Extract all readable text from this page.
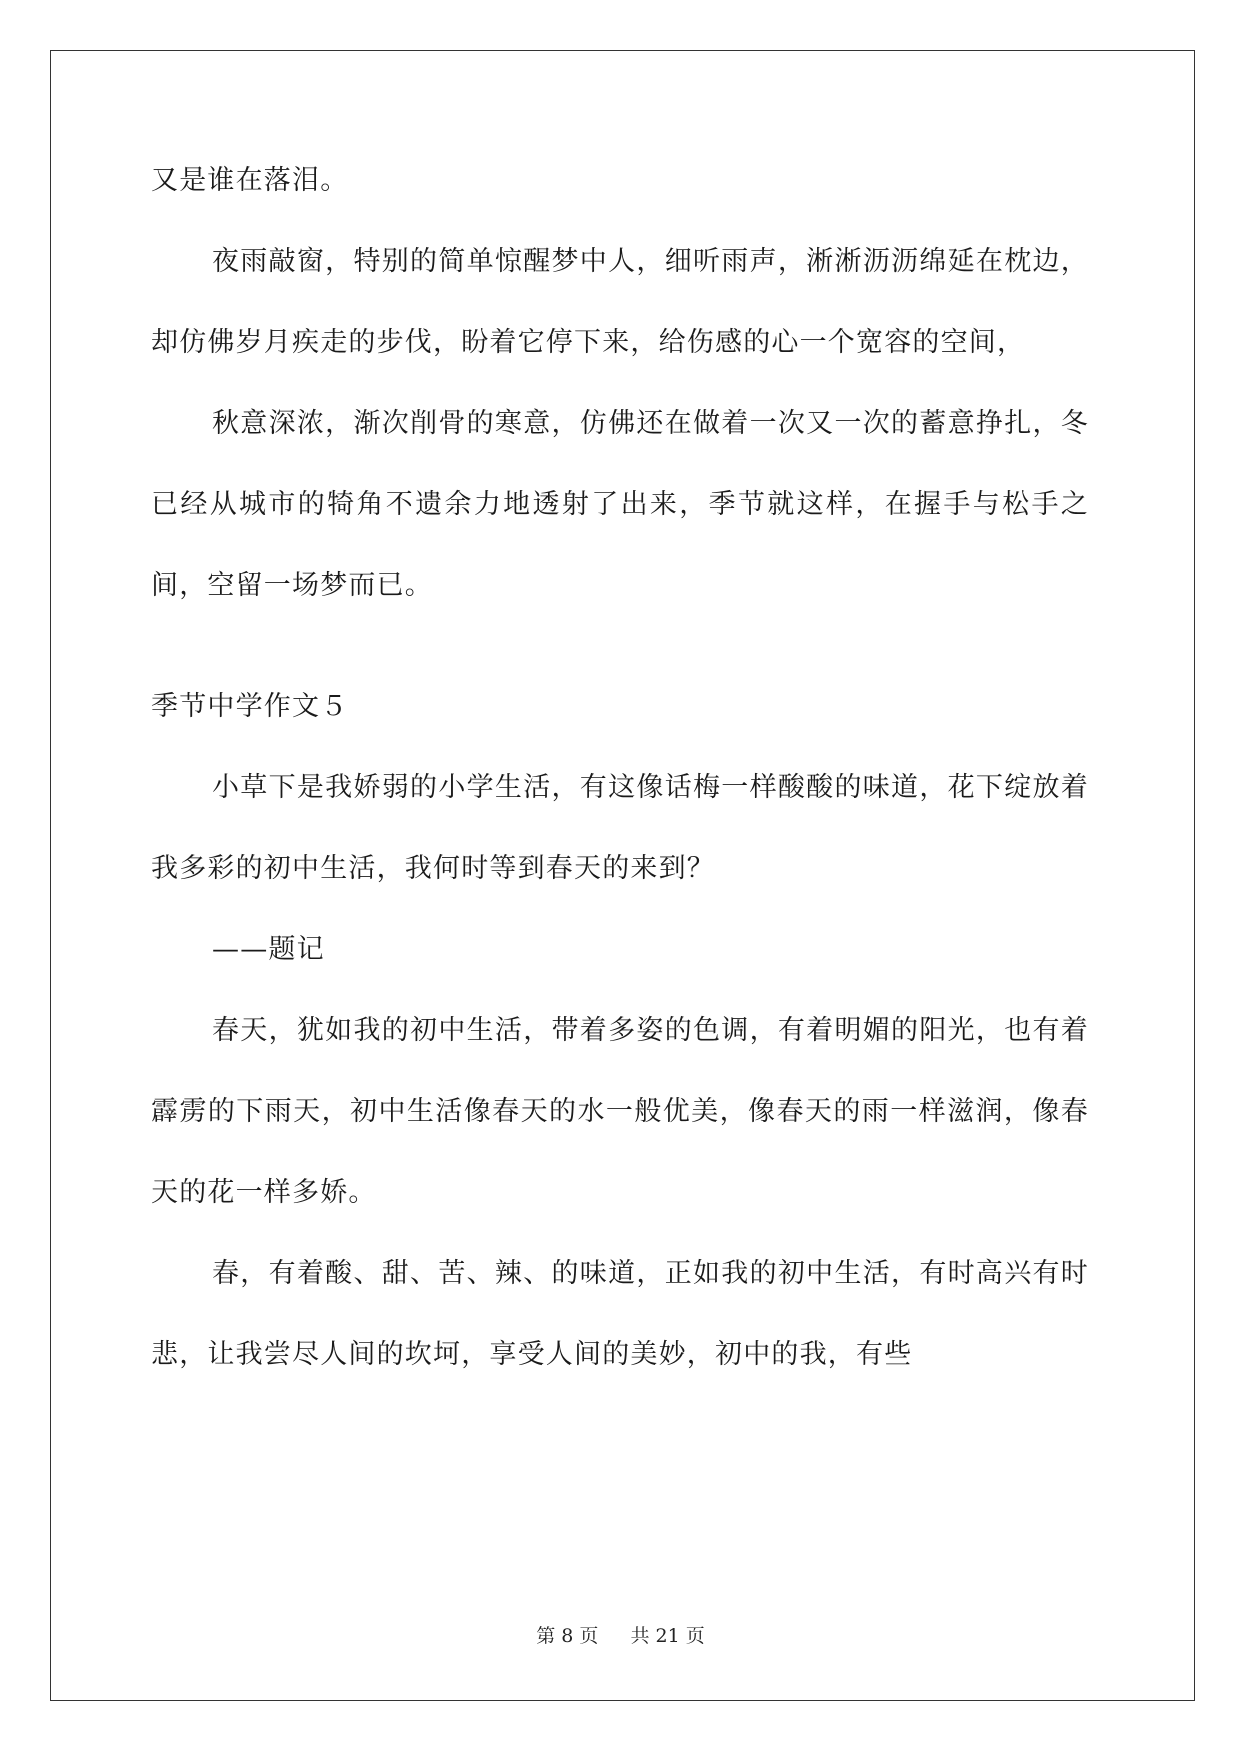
又是谁在落泪。

夜雨敲窗，特别的简单惊醒梦中人，细听雨声，淅淅沥沥绵延在枕边，却仿佛岁月疾走的步伐，盼着它停下来，给伤感的心一个宽容的空间，

秋意深浓，渐次削骨的寒意，仿佛还在做着一次又一次的蓄意挣扎，冬已经从城市的犄角不遗余力地透射了出来，季节就这样，在握手与松手之间，空留一场梦而已。

季节中学作文５

小草下是我娇弱的小学生活，有这像话梅一样酸酸的味道，花下绽放着我多彩的初中生活，我何时等到春天的来到？

——题记

春天，犹如我的初中生活，带着多姿的色调，有着明媚的阳光，也有着霹雳的下雨天，初中生活像春天的水一般优美，像春天的雨一样滋润，像春天的花一样多娇。

春，有着酸、甜、苦、辣、的味道，正如我的初中生活，有时高兴有时悲，让我尝尽人间的坎坷，享受人间的美妙，初中的我，有些

第 8 页 共 21 页
